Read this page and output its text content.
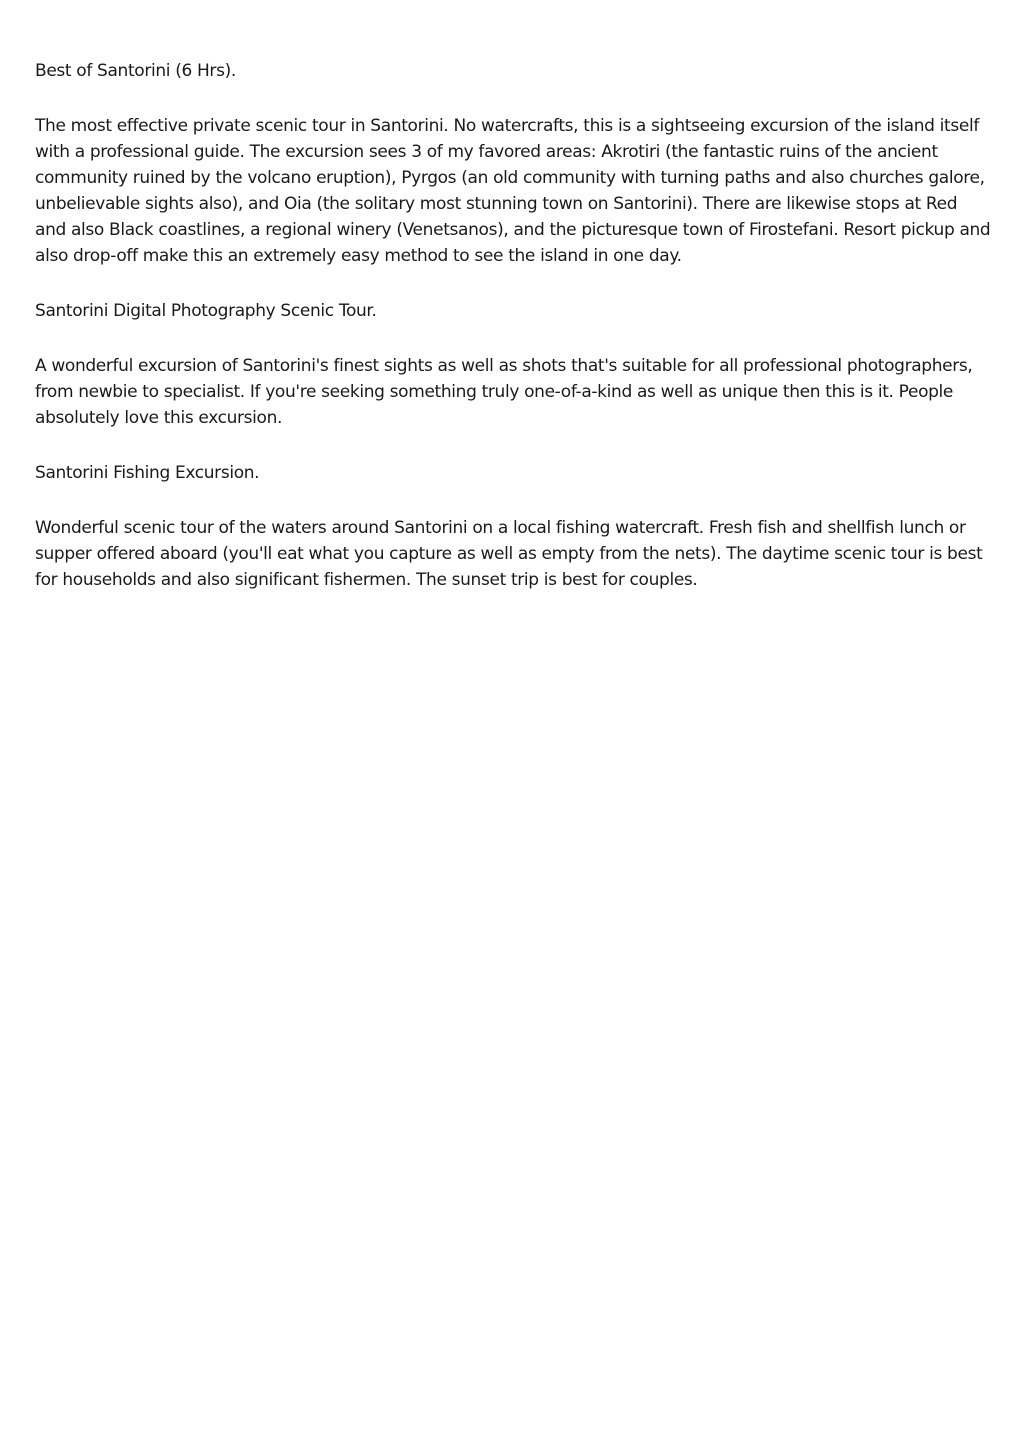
Best of Santorini (6 Hrs).

The most effective private scenic tour in Santorini. No watercrafts, this is a sightseeing excursion of the island itself with a professional guide. The excursion sees 3 of my favored areas: Akrotiri (the fantastic ruins of the ancient community ruined by the volcano eruption), Pyrgos (an old community with turning paths and also churches galore, unbelievable sights also), and Oia (the solitary most stunning town on Santorini). There are likewise stops at Red and also Black coastlines, a regional winery (Venetsanos), and the picturesque town of Firostefani. Resort pickup and also drop-off make this an extremely easy method to see the island in one day.

Santorini Digital Photography Scenic Tour.

A wonderful excursion of Santorini's finest sights as well as shots that's suitable for all professional photographers, from newbie to specialist. If you're seeking something truly one-of-a-kind as well as unique then this is it. People absolutely love this excursion.

Santorini Fishing Excursion.

Wonderful scenic tour of the waters around Santorini on a local fishing watercraft. Fresh fish and shellfish lunch or supper offered aboard (you'll eat what you capture as well as empty from the nets). The daytime scenic tour is best for households and also significant fishermen. The sunset trip is best for couples.
